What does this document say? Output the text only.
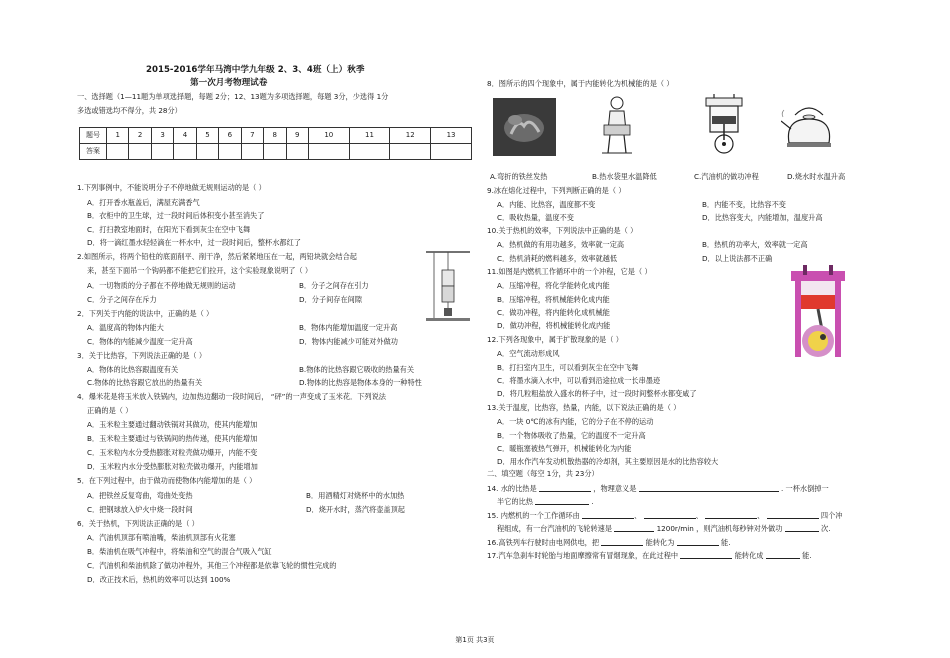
2015-2016学年马湾中学九年级 2、3、4班（上）秋季
第一次月考物理试卷
一、选择题（1—11题为单项选择题，每题 2分；12、13题为多项选择题，每题 3分，少选得 1分
多选或错选均不得分，共 28分）
题号	1	2	3	4	5	6	7	8	9	10	11	12	13
答案													
1.下列事例中，不能说明分子不停地做无规则运动的是（ ）
A．打开香水瓶盖后，满屋充满香气
B．衣柜中的卫生球，过一段时间后体积变小甚至消失了
C．打扫教室地面时，在阳光下看到灰尘在空中飞舞
D．将一滴红墨水轻轻滴在一杯水中，过一段时间后，整杯水都红了
2.如图所示，将两个铅柱的底面削平、削干净，然后紧紧地压在一起，两铅块就会结合起
来，甚至下面吊一个钩码都不能把它们拉开，这个实验现象说明了（ ）
A．一切物质的分子都在不停地做无规则的运动	B．分子之间存在引力
C．分子之间存在斥力	D．分子间存在间隙
2．下列关于内能的说法中，正确的是（ ）
A．温度高的物体内能大	B．物体内能增加温度一定升高
C．物体的内能减少温度一定升高	D．物体内能减少可能对外做功
3．关于比热容，下列说法正确的是（ ）
A．物体的比热容跟温度有关	B.物体的比热容跟它吸收的热量有关
C.物体的比热容跟它放出的热量有关	D.物体的比热容是物体本身的一种特性
4．爆米花是将玉米放入铁锅内，边加热边翻动一段时间后， “砰”的一声变成了玉米花．下列说法
正确的是（ ）
A．玉米粒主要通过翻动铁锅对其做功，使其内能增加
B．玉米粒主要通过与铁锅间的热传递，使其内能增加
C．玉米粒内水分受热膨胀对粒壳做功爆开，内能不变
D．玉米粒内水分受热膨胀对粒壳做功爆开，内能增加
5．在下列过程中，由于做功而使物体内能增加的是（ ）
A．把铁丝反复弯曲，弯曲处变热	B．用酒精灯对烧杯中的水加热
C．把钢球放入炉火中烧一段时间	D．烧开水时，蒸汽将壶盖顶起
6．关于热机，下列说法正确的是（ ）
A．汽油机顶部有喷油嘴，柴油机顶部有火花塞
B．柴油机在吸气冲程中，将柴油和空气的混合气吸入气缸
C．汽油机和柴油机除了做功冲程外，其他三个冲程都是依靠飞轮的惯性完成的
D．改正技术后，热机的效率可以达到 100%
8．图所示的四个现象中，属于内能转化为机械能的是（ ）
A.弯折的铁丝发热	B.热水袋里水温降低	C.汽油机的做功冲程	D.烧水时水温升高
9.冰在熔化过程中，下列判断正确的是（ ）
A．内能、比热容，温度都不变	B．内能不变，比热容不变
C．吸收热量，温度不变	D．比热容变大，内能增加，温度升高
10.关于热机的效率，下列说法中正确的是（ ）
A．热机做的有用功越多，效率就一定高	B．热机的功率大，效率就一定高
C．热机消耗的燃料越多，效率就越低	D．以上说法都不正确
11.如图是内燃机工作循环中的一个冲程，它是（ ）
A．压缩冲程，将化学能转化成内能
B．压缩冲程，将机械能转化成内能
C．做功冲程，将内能转化成机械能
D．做功冲程，将机械能转化成内能
12.下列各现象中，属于扩散现象的是（ ）
A．空气流动形成风
B．打扫室内卫生，可以看到灰尘在空中飞舞
C．将墨水滴入水中，可以看到沿途拉成一长串墨迹
D．将几粒粗盐放入盛水的杯子中，过一段时间整杯水都变咸了
13.关于温度，比热容，热量，内能，以下说法正确的是（ ）
A．一块 0℃的冰有内能，它的分子在不停的运动
B．一个物体吸收了热量，它的温度不一定升高
C．暖瓶塞被热气弹开，机械能转化为内能
D．用水作汽车发动机散热器的冷却剂，其主要原因是水的比热容较大
二、填空题（每空 1分，共 23分）
14. 水的比热是	，物理意义是	. 一杯水倒掉一
半它的比热	.
15. 内燃机的一个工作循环由	、	、	、	四个冲
程组成，有一台汽油机的飞轮转速是	1200r/min ，则汽油机每秒钟对外做功	次.
16.高铁列车行驶时由电网供电，把	能转化为	能.
17.汽车急刹车时轮胎与地面摩擦常有冒烟现象，在此过程中	能转化成	能.
第1页 共3页
